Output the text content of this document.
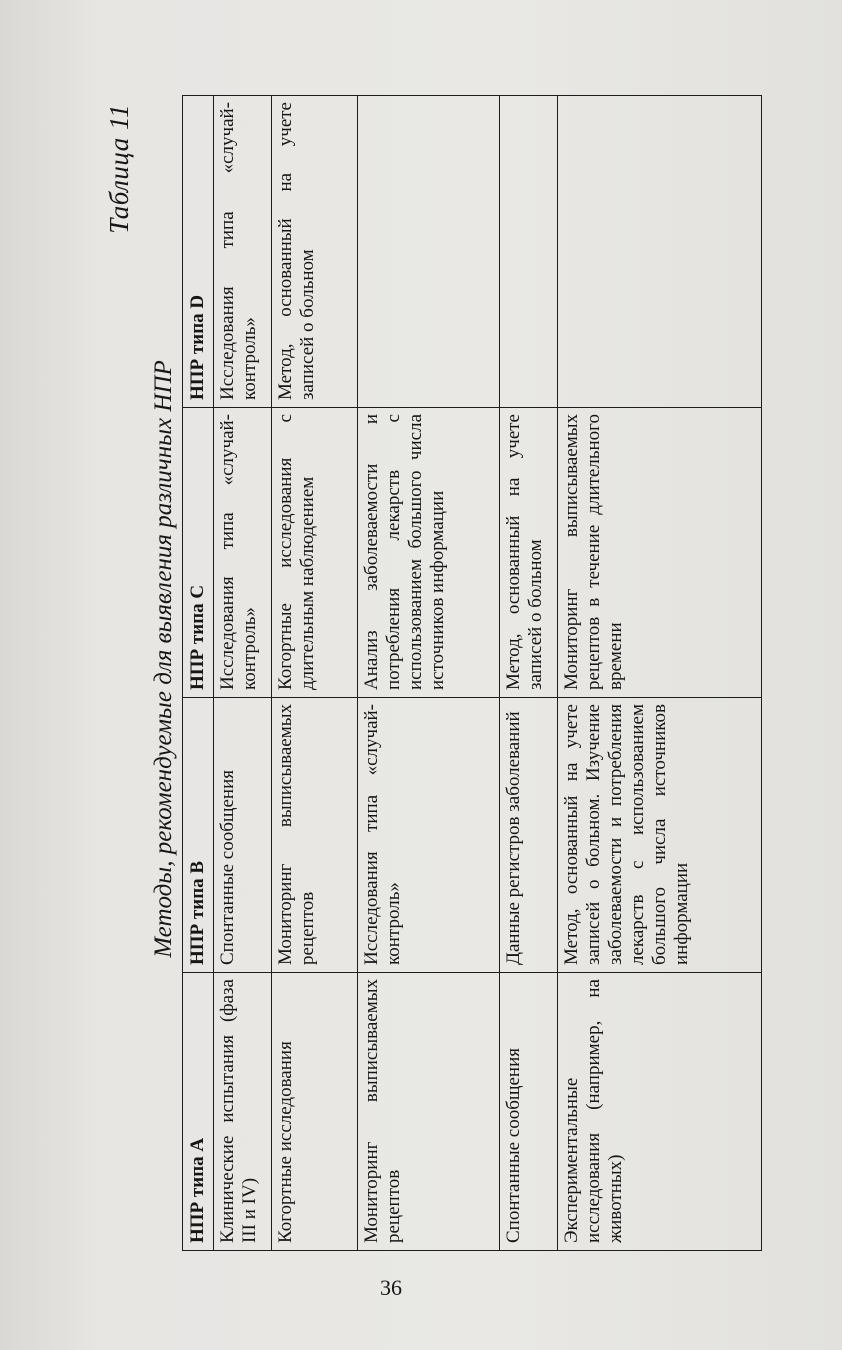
Таблица 11
Методы, рекомендуемые для выявления различных НПР
НПР типа А	НПР типа В	НПР типа С	НПР типа D
Клинические испытания (фаза III и IV)	Спонтанные сообщения	Исследования типа «случай-контроль»	Исследования типа «случай-контроль»
Когортные исследования	Мониторинг выписываемых рецептов	Когортные исследования с длительным наблюдением	Метод, основанный на учете записей о больном
Мониторинг выписываемых рецептов	Исследования типа «случай-контроль»	Анализ заболеваемости и потребления лекарств с использованием большого числа источников информации	
Спонтанные сообщения	Данные регистров заболеваний	Метод, основанный на учете записей о больном	
Экспериментальные исследования (например, на животных)	Метод, основанный на учете записей о больном. Изучение заболеваемости и потребления лекарств с использованием большого числа источников информации	Мониторинг выписываемых рецептов в течение длительного времени	
36
